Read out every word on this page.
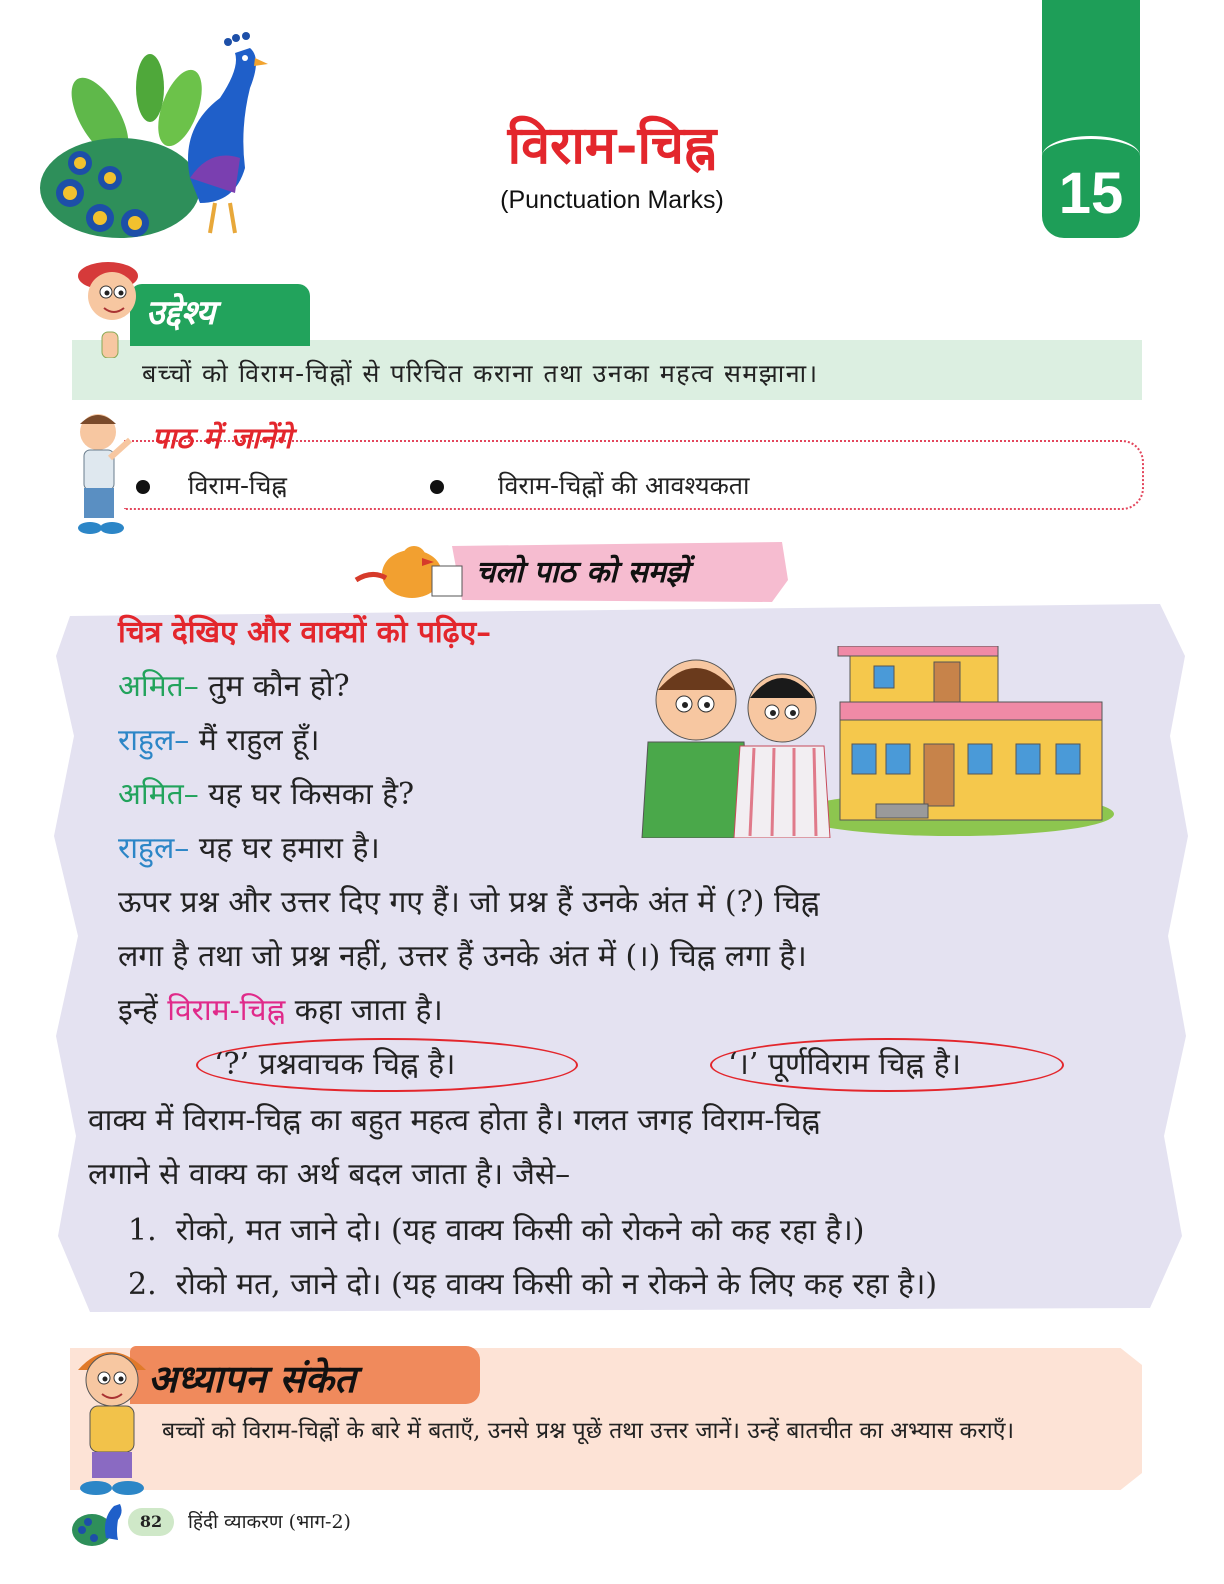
विराम-चिह्न
(Punctuation Marks)	15
उद्देश्य
बच्चों को विराम-चिह्नों से परिचित कराना तथा उनका महत्व समझाना।
पाठ में जानेंगे
विराम-चिह्न	विराम-चिह्नों की आवश्यकता
चलो पाठ को समझें
चित्र देखिए और वाक्यों को पढ़िए–
अमित– तुम कौन हो?
राहुल– मैं राहुल हूँ।
अमित– यह घर किसका है?
राहुल– यह घर हमारा है।
ऊपर प्रश्न और उत्तर दिए गए हैं। जो प्रश्न हैं उनके अंत में (?) चिह्न
लगा है तथा जो प्रश्न नहीं, उत्तर हैं उनके अंत में (।) चिह्न लगा है।
इन्हें विराम-चिह्न कहा जाता है।
‘?’ प्रश्नवाचक चिह्न है।	‘।’ पूर्णविराम चिह्न है।
वाक्य में विराम-चिह्न का बहुत महत्व होता है। गलत जगह विराम-चिह्न
लगाने से वाक्य का अर्थ बदल जाता है। जैसे–
1. रोको, मत जाने दो। (यह वाक्य किसी को रोकने को कह रहा है।)
2. रोको मत, जाने दो। (यह वाक्य किसी को न रोकने के लिए कह रहा है।)
अध्यापन संकेत
बच्चों को विराम-चिह्नों के बारे में बताएँ, उनसे प्रश्न पूछें तथा उत्तर जानें। उन्हें बातचीत का अभ्यास कराएँ।
82	हिंदी व्याकरण (भाग-2)
